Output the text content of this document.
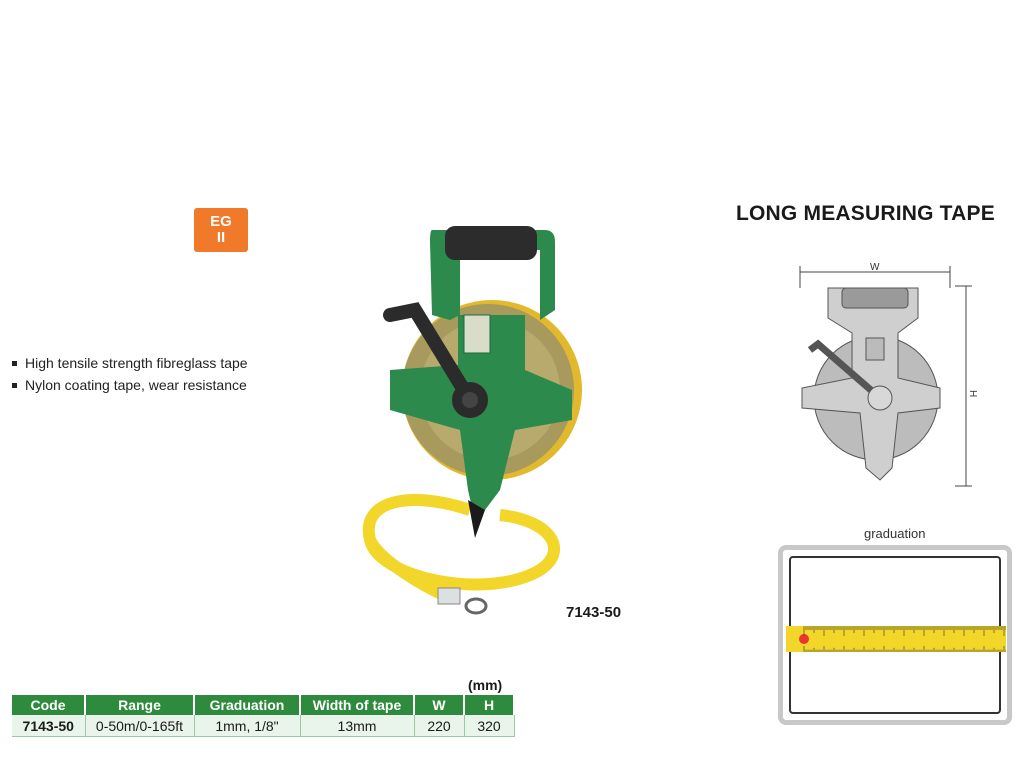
EG
II
High tensile strength fibreglass tape
Nylon coating tape, wear resistance
7143-50
LONG MEASURING TAPE
W
H
graduation
(mm)
Code	Range	Graduation	Width of tape	W	H
7143-50	0-50m/0-165ft	1mm, 1/8"	13mm	220	320
